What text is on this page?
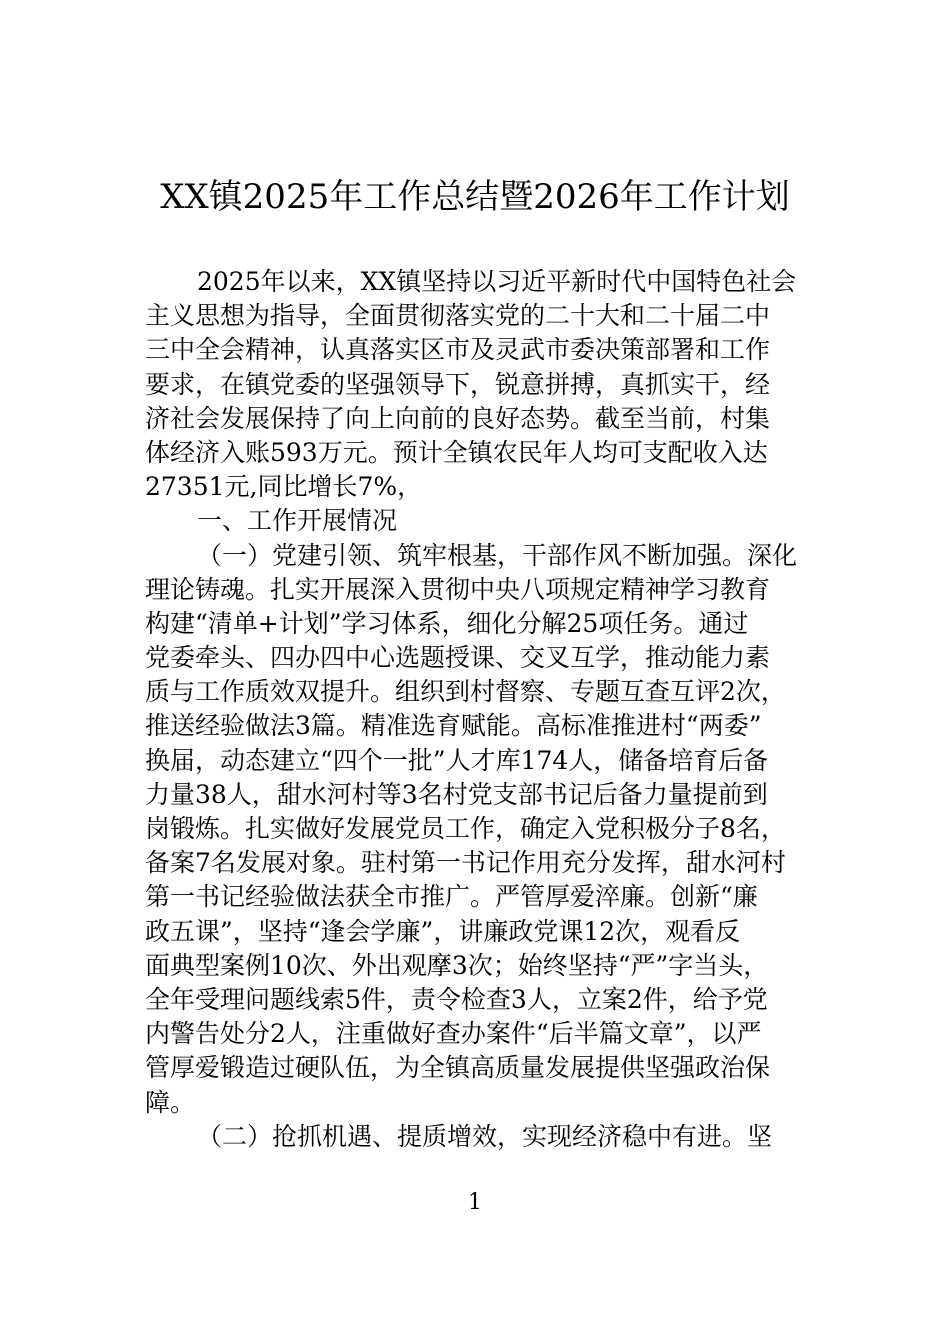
XX镇2025年工作总结暨2026年工作计划
2025年以来，XX镇坚持以习近平新时代中国特色社会
主义思想为指导，全面贯彻落实党的二十大和二十届二中
三中全会精神，认真落实区市及灵武市委决策部署和工作
要求，在镇党委的坚强领导下，锐意拼搏，真抓实干，经
济社会发展保持了向上向前的良好态势。截至当前，村集
体经济入账593万元。预计全镇农民年人均可支配收入达
27351元,同比增长7%，
一、工作开展情况
（一）党建引领、筑牢根基，干部作风不断加强。深化
理论铸魂。扎实开展深入贯彻中央八项规定精神学习教育
构建“清单+计划”学习体系，细化分解25项任务。通过
党委牵头、四办四中心选题授课、交叉互学，推动能力素
质与工作质效双提升。组织到村督察、专题互查互评2次，
推送经验做法3篇。精准选育赋能。高标准推进村“两委”
换届，动态建立“四个一批”人才库174人，储备培育后备
力量38人，甜水河村等3名村党支部书记后备力量提前到
岗锻炼。扎实做好发展党员工作，确定入党积极分子8名，
备案7名发展对象。驻村第一书记作用充分发挥，甜水河村
第一书记经验做法获全市推广。严管厚爱淬廉。创新“廉
政五课”，坚持“逢会学廉”，讲廉政党课12次，观看反
面典型案例10次、外出观摩3次；始终坚持“严”字当头，
全年受理问题线索5件，责令检查3人，立案2件，给予党
内警告处分2人，注重做好查办案件“后半篇文章”，以严
管厚爱锻造过硬队伍，为全镇高质量发展提供坚强政治保
障。
（二）抢抓机遇、提质增效，实现经济稳中有进。坚
1
